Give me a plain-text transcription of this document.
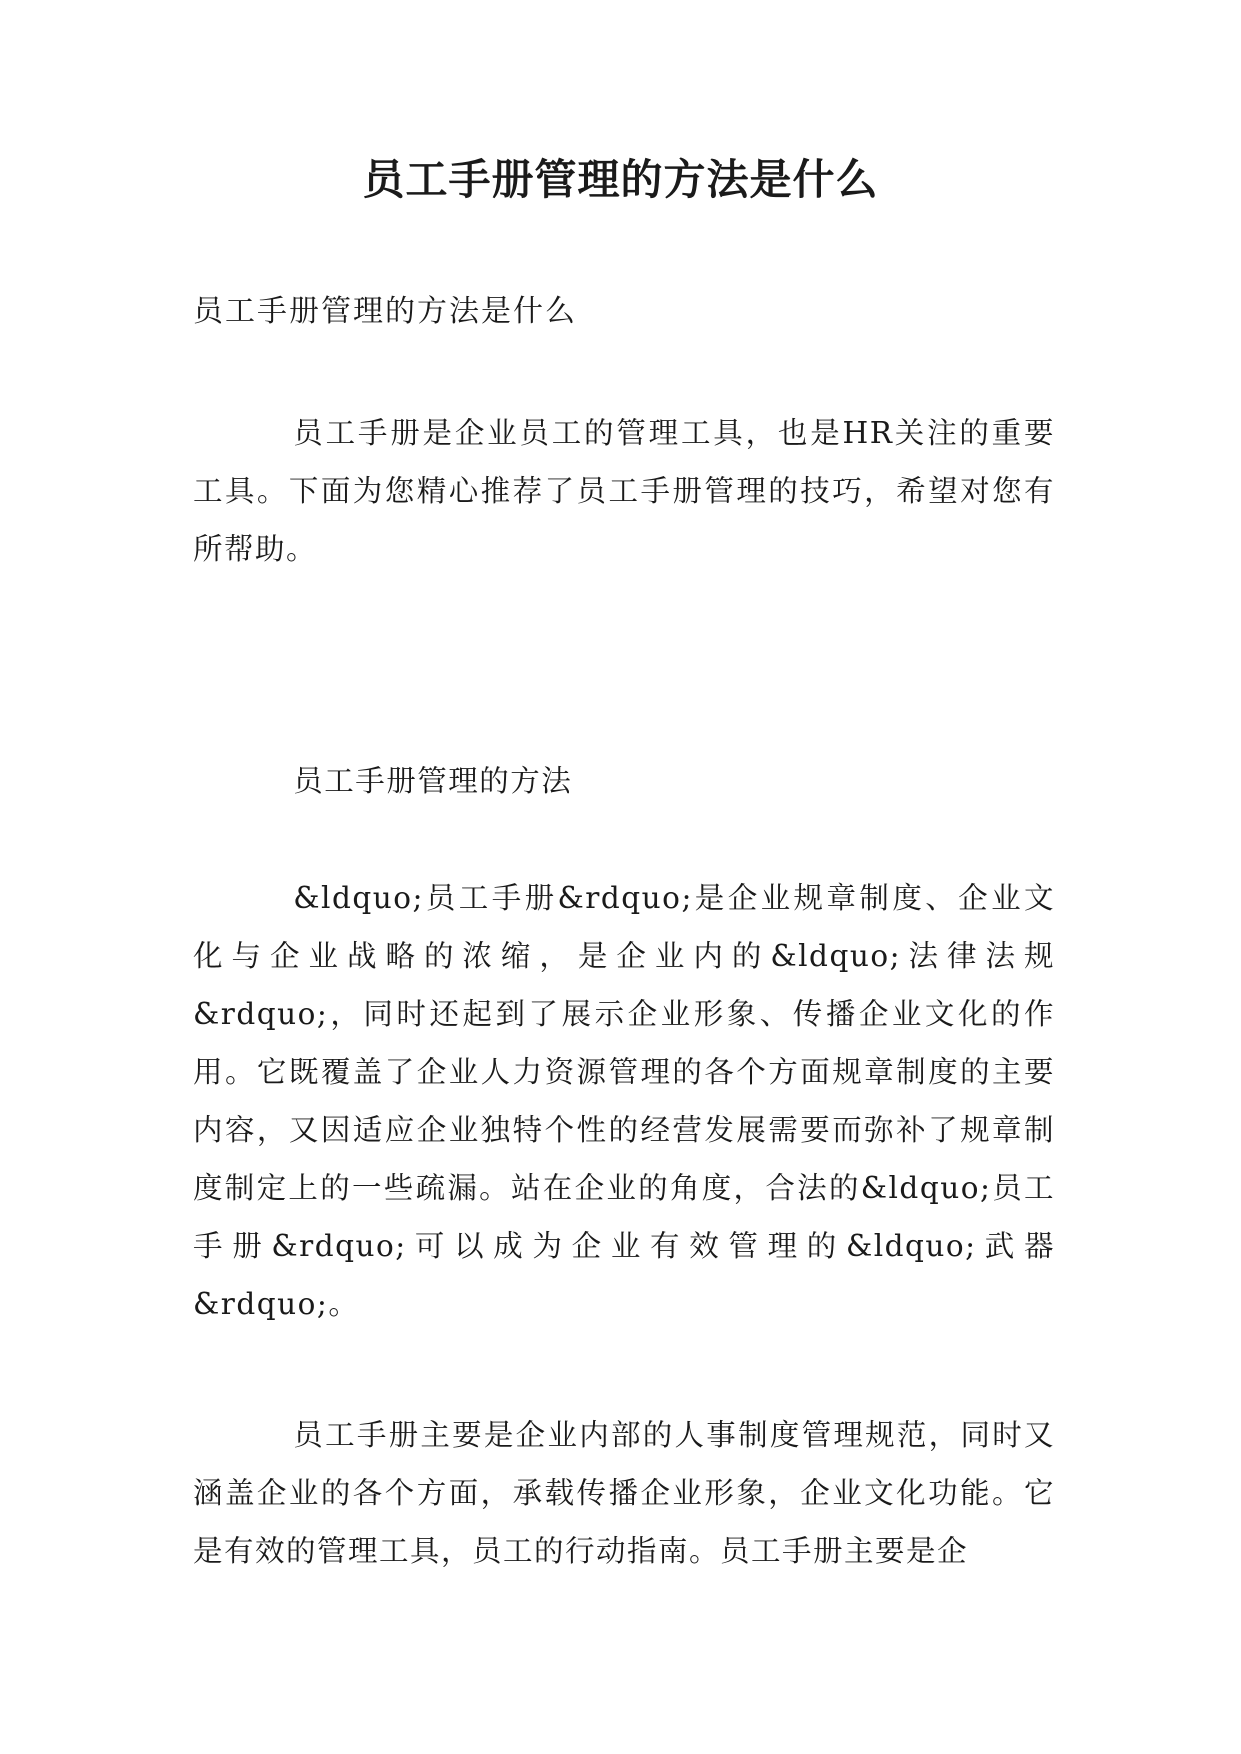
员工手册管理的方法是什么

员工手册管理的方法是什么

员工手册是企业员工的管理工具，也是HR关注的重要工具。下面为您精心推荐了员工手册管理的技巧，希望对您有所帮助。

员工手册管理的方法

&ldquo;员工手册&rdquo;是企业规章制度、企业文化与企业战略的浓缩，是企业内的&ldquo;法律法规&rdquo;，同时还起到了展示企业形象、传播企业文化的作用。它既覆盖了企业人力资源管理的各个方面规章制度的主要内容，又因适应企业独特个性的经营发展需要而弥补了规章制度制定上的一些疏漏。站在企业的角度，合法的&ldquo;员工手册&rdquo;可以成为企业有效管理的&ldquo;武器&rdquo;。

员工手册主要是企业内部的人事制度管理规范，同时又涵盖企业的各个方面，承载传播企业形象，企业文化功能。它是有效的管理工具，员工的行动指南。员工手册主要是企
